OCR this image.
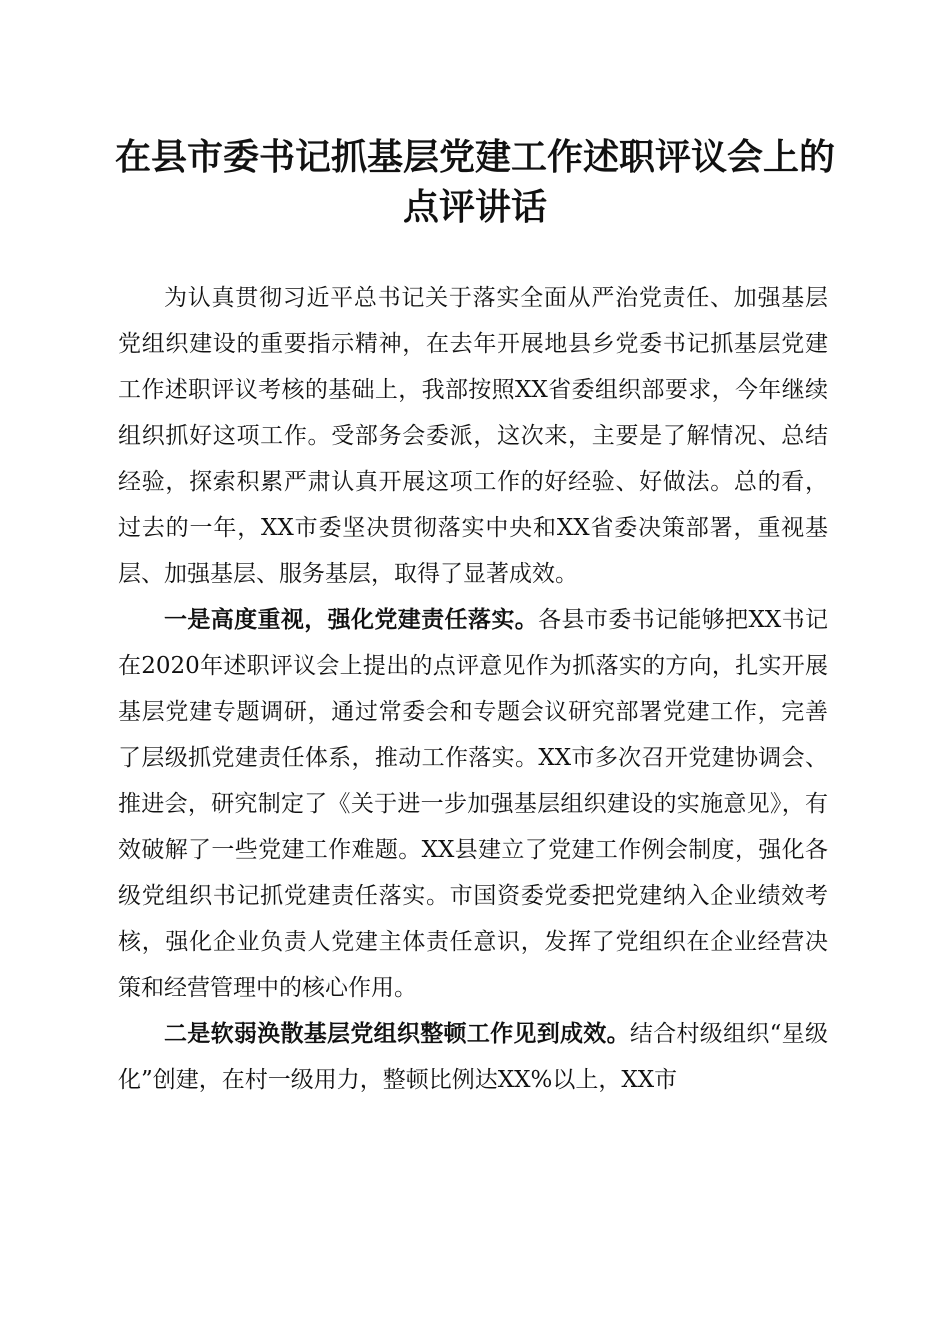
在县市委书记抓基层党建工作述职评议会上的
点评讲话

为认真贯彻习近平总书记关于落实全面从严治党责任、加强基层党组织建设的重要指示精神，在去年开展地县乡党委书记抓基层党建工作述职评议考核的基础上，我部按照XX省委组织部要求，今年继续组织抓好这项工作。受部务会委派，这次来，主要是了解情况、总结经验，探索积累严肃认真开展这项工作的好经验、好做法。总的看，过去的一年，XX市委坚决贯彻落实中央和XX省委决策部署，重视基层、加强基层、服务基层，取得了显著成效。

一是高度重视，强化党建责任落实。各县市委书记能够把XX书记在2020年述职评议会上提出的点评意见作为抓落实的方向，扎实开展基层党建专题调研，通过常委会和专题会议研究部署党建工作，完善了层级抓党建责任体系，推动工作落实。XX市多次召开党建协调会、推进会，研究制定了《关于进一步加强基层组织建设的实施意见》，有效破解了一些党建工作难题。XX县建立了党建工作例会制度，强化各级党组织书记抓党建责任落实。市国资委党委把党建纳入企业绩效考核，强化企业负责人党建主体责任意识，发挥了党组织在企业经营决策和经营管理中的核心作用。

二是软弱涣散基层党组织整顿工作见到成效。结合村级组织“星级化”创建，在村一级用力，整顿比例达XX%以上，XX市
